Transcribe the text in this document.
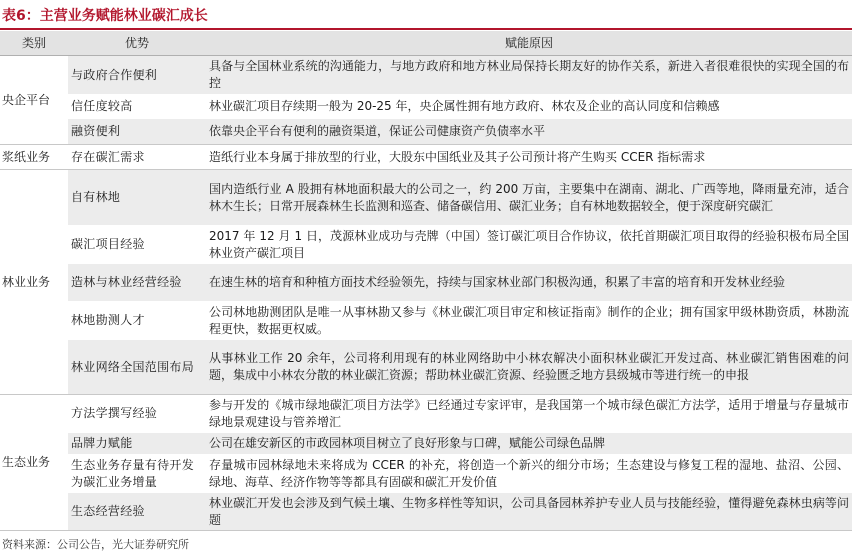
表6：主营业务赋能林业碳汇成长
类别	优势	赋能原因
央企平台	与政府合作便利	具备与全国林业系统的沟通能力，与地方政府和地方林业局保持长期友好的协作关系，新进入者很难很快的实现全国的布控
	信任度较高	林业碳汇项目存续期一般为 20-25 年，央企属性拥有地方政府、林农及企业的高认同度和信赖感
	融资便利	依靠央企平台有便利的融资渠道，保证公司健康资产负债率水平
浆纸业务	存在碳汇需求	造纸行业本身属于排放型的行业，大股东中国纸业及其子公司预计将产生购买 CCER 指标需求
林业业务	自有林地	国内造纸行业 A 股拥有林地面积最大的公司之一，约 200 万亩，主要集中在湖南、湖北、广西等地，降雨量充沛，适合林木生长；日常开展森林生长监测和巡查、储备碳信用、碳汇业务；自有林地数据较全，便于深度研究碳汇
	碳汇项目经验	2017 年 12 月 1 日，茂源林业成功与壳牌（中国）签订碳汇项目合作协议，依托首期碳汇项目取得的经验积极布局全国林业资产碳汇项目
	造林与林业经营经验	在速生林的培育和种植方面技术经验领先，持续与国家林业部门积极沟通，积累了丰富的培育和开发林业经验
	林地勘测人才	公司林地勘测团队是唯一从事林勘又参与《林业碳汇项目审定和核证指南》制作的企业；拥有国家甲级林勘资质，林勘流程更快，数据更权威。
	林业网络全国范围布局	从事林业工作 20 余年，公司将利用现有的林业网络助中小林农解决小面积林业碳汇开发过高、林业碳汇销售困难的问题，集成中小林农分散的林业碳汇资源；帮助林业碳汇资源、经验匮乏地方县级城市等进行统一的申报
生态业务	方法学撰写经验	参与开发的《城市绿地碳汇项目方法学》已经通过专家评审，是我国第一个城市绿色碳汇方法学，适用于增量与存量城市绿地景观建设与管养增汇
	品牌力赋能	公司在雄安新区的市政园林项目树立了良好形象与口碑，赋能公司绿色品牌
	生态业务存量有待开发为碳汇业务增量	存量城市园林绿地未来将成为 CCER 的补充，将创造一个新兴的细分市场；生态建设与修复工程的湿地、盐沼、公园、绿地、海草、经济作物等等都具有固碳和碳汇开发价值
	生态经营经验	林业碳汇开发也会涉及到气候土壤、生物多样性等知识，公司具备园林养护专业人员与技能经验，懂得避免森林虫病等问题
资料来源：公司公告，光大证券研究所
